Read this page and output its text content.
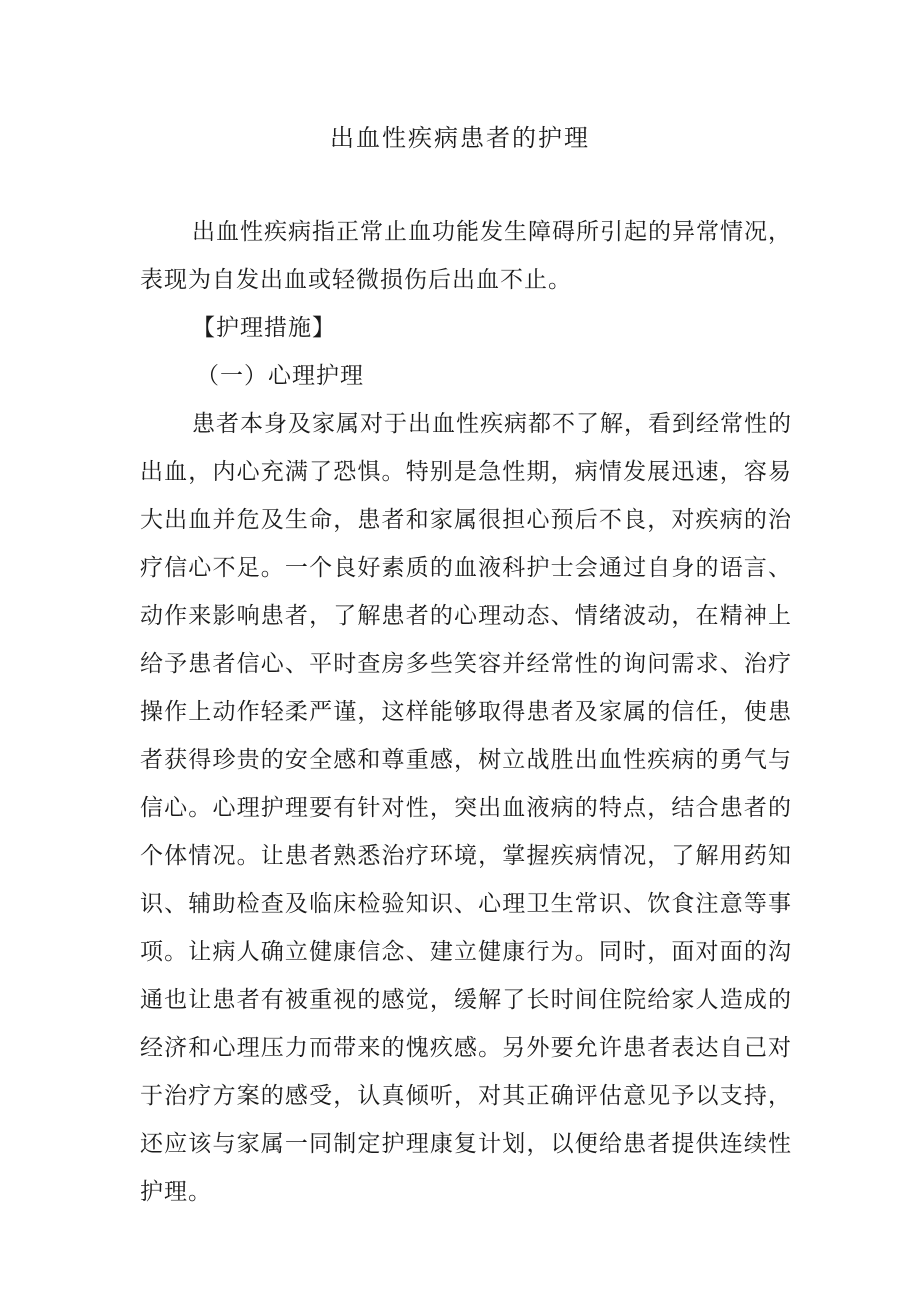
出血性疾病患者的护理
出血性疾病指正常止血功能发生障碍所引起的异常情况，表现为自发出血或轻微损伤后出血不止。
【护理措施】
（一）心理护理
患者本身及家属对于出血性疾病都不了解，看到经常性的出血，内心充满了恐惧。特别是急性期，病情发展迅速，容易大出血并危及生命，患者和家属很担心预后不良，对疾病的治疗信心不足。一个良好素质的血液科护士会通过自身的语言、动作来影响患者，了解患者的心理动态、情绪波动，在精神上给予患者信心、平时查房多些笑容并经常性的询问需求、治疗操作上动作轻柔严谨，这样能够取得患者及家属的信任，使患者获得珍贵的安全感和尊重感，树立战胜出血性疾病的勇气与信心。心理护理要有针对性，突出血液病的特点，结合患者的个体情况。让患者熟悉治疗环境，掌握疾病情况，了解用药知识、辅助检查及临床检验知识、心理卫生常识、饮食注意等事项。让病人确立健康信念、建立健康行为。同时，面对面的沟通也让患者有被重视的感觉，缓解了长时间住院给家人造成的经济和心理压力而带来的愧疚感。另外要允许患者表达自己对于治疗方案的感受，认真倾听，对其正确评估意见予以支持，还应该与家属一同制定护理康复计划，以便给患者提供连续性护理。
